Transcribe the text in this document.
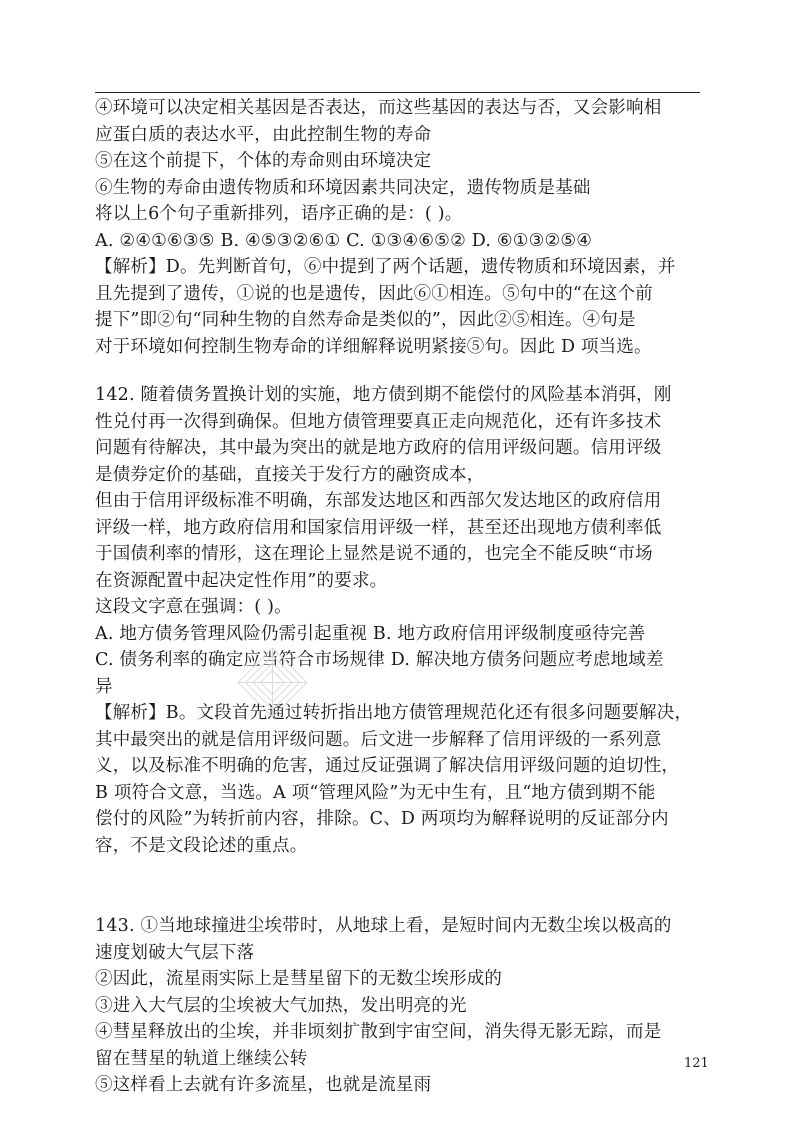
④环境可以决定相关基因是否表达，而这些基因的表达与否，又会影响相
应蛋白质的表达水平，由此控制生物的寿命
⑤在这个前提下，个体的寿命则由环境决定
⑥生物的寿命由遗传物质和环境因素共同决定，遗传物质是基础
将以上6个句子重新排列，语序正确的是：( )。
A. ②④①⑥③⑤ B. ④⑤③②⑥① C. ①③④⑥⑤② D. ⑥①③②⑤④
【解析】D。先判断首句，⑥中提到了两个话题，遗传物质和环境因素，并
且先提到了遗传，①说的也是遗传，因此⑥①相连。⑤句中的“在这个前
提下”即②句“同种生物的自然寿命是类似的”，因此②⑤相连。④句是
对于环境如何控制生物寿命的详细解释说明紧接⑤句。因此 D 项当选。
142. 随着债务置换计划的实施，地方债到期不能偿付的风险基本消弭，刚
性兑付再一次得到确保。但地方债管理要真正走向规范化，还有许多技术
问题有待解决，其中最为突出的就是地方政府的信用评级问题。信用评级
是债券定价的基础，直接关于发行方的融资成本，
但由于信用评级标准不明确，东部发达地区和西部欠发达地区的政府信用
评级一样，地方政府信用和国家信用评级一样，甚至还出现地方债利率低
于国债利率的情形，这在理论上显然是说不通的，也完全不能反映“市场
在资源配置中起决定性作用”的要求。
这段文字意在强调：( )。
A. 地方债务管理风险仍需引起重视 B. 地方政府信用评级制度亟待完善
C. 债务利率的确定应当符合市场规律 D. 解决地方债务问题应考虑地域差
异
【解析】B。文段首先通过转折指出地方债管理规范化还有很多问题要解决，
其中最突出的就是信用评级问题。后文进一步解释了信用评级的一系列意
义，以及标准不明确的危害，通过反证强调了解决信用评级问题的迫切性，
B 项符合文意，当选。A 项“管理风险”为无中生有，且“地方债到期不能
偿付的风险”为转折前内容，排除。C、D 两项均为解释说明的反证部分内
容，不是文段论述的重点。
143. ①当地球撞进尘埃带时，从地球上看，是短时间内无数尘埃以极高的
速度划破大气层下落
②因此，流星雨实际上是彗星留下的无数尘埃形成的
③进入大气层的尘埃被大气加热，发出明亮的光
④彗星释放出的尘埃，并非顷刻扩散到宇宙空间，消失得无影无踪，而是
留在彗星的轨道上继续公转
⑤这样看上去就有许多流星，也就是流星雨
121
